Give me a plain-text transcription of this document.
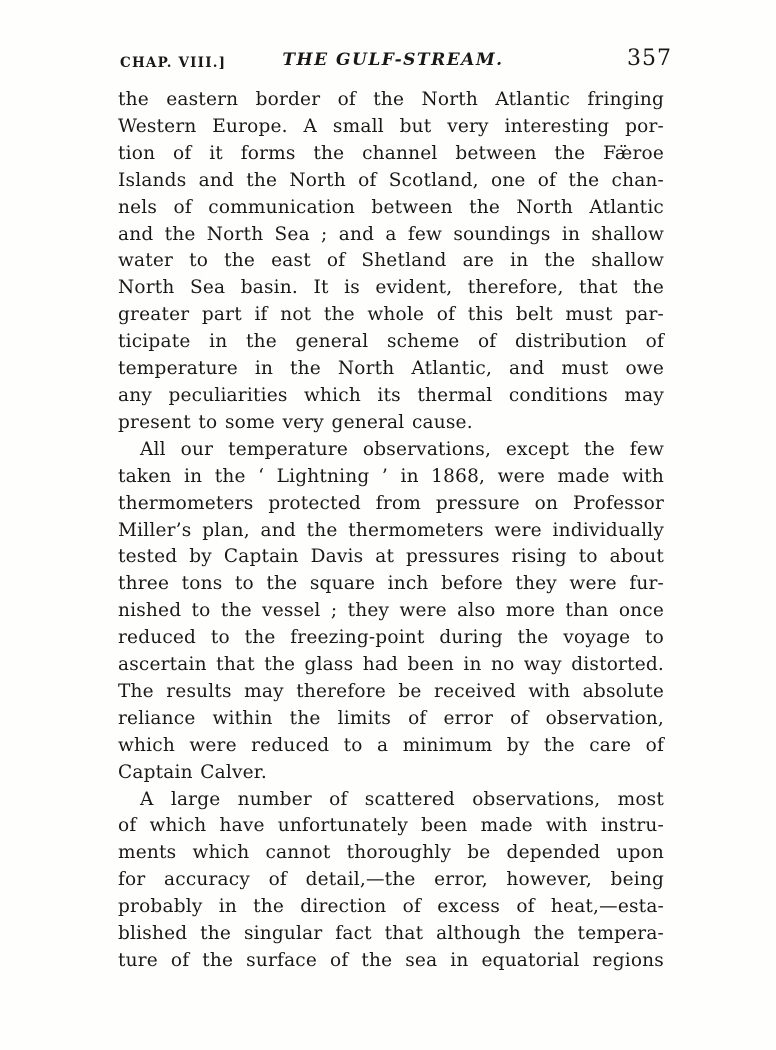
CHAP. VIII.]	THE GULF-STREAM.	357
the eastern border of the North Atlantic fringing
Western Europe. A small but very interesting por-
tion of it forms the channel between the Fæ̈roe
Islands and the North of Scotland, one of the chan-
nels of communication between the North Atlantic
and the North Sea ; and a few soundings in shallow
water to the east of Shetland are in the shallow
North Sea basin. It is evident, therefore, that the
greater part if not the whole of this belt must par-
ticipate in the general scheme of distribution of
temperature in the North Atlantic, and must owe
any peculiarities which its thermal conditions may
present to some very general cause.
All our temperature observations, except the few
taken in the ‘ Lightning ’ in 1868, were made with
thermometers protected from pressure on Professor
Miller’s plan, and the thermometers were individually
tested by Captain Davis at pressures rising to about
three tons to the square inch before they were fur-
nished to the vessel ; they were also more than once
reduced to the freezing-point during the voyage to
ascertain that the glass had been in no way distorted.
The results may therefore be received with absolute
reliance within the limits of error of observation,
which were reduced to a minimum by the care of
Captain Calver.
A large number of scattered observations, most
of which have unfortunately been made with instru-
ments which cannot thoroughly be depended upon
for accuracy of detail,—the error, however, being
probably in the direction of excess of heat,—esta-
blished the singular fact that although the tempera-
ture of the surface of the sea in equatorial regions
